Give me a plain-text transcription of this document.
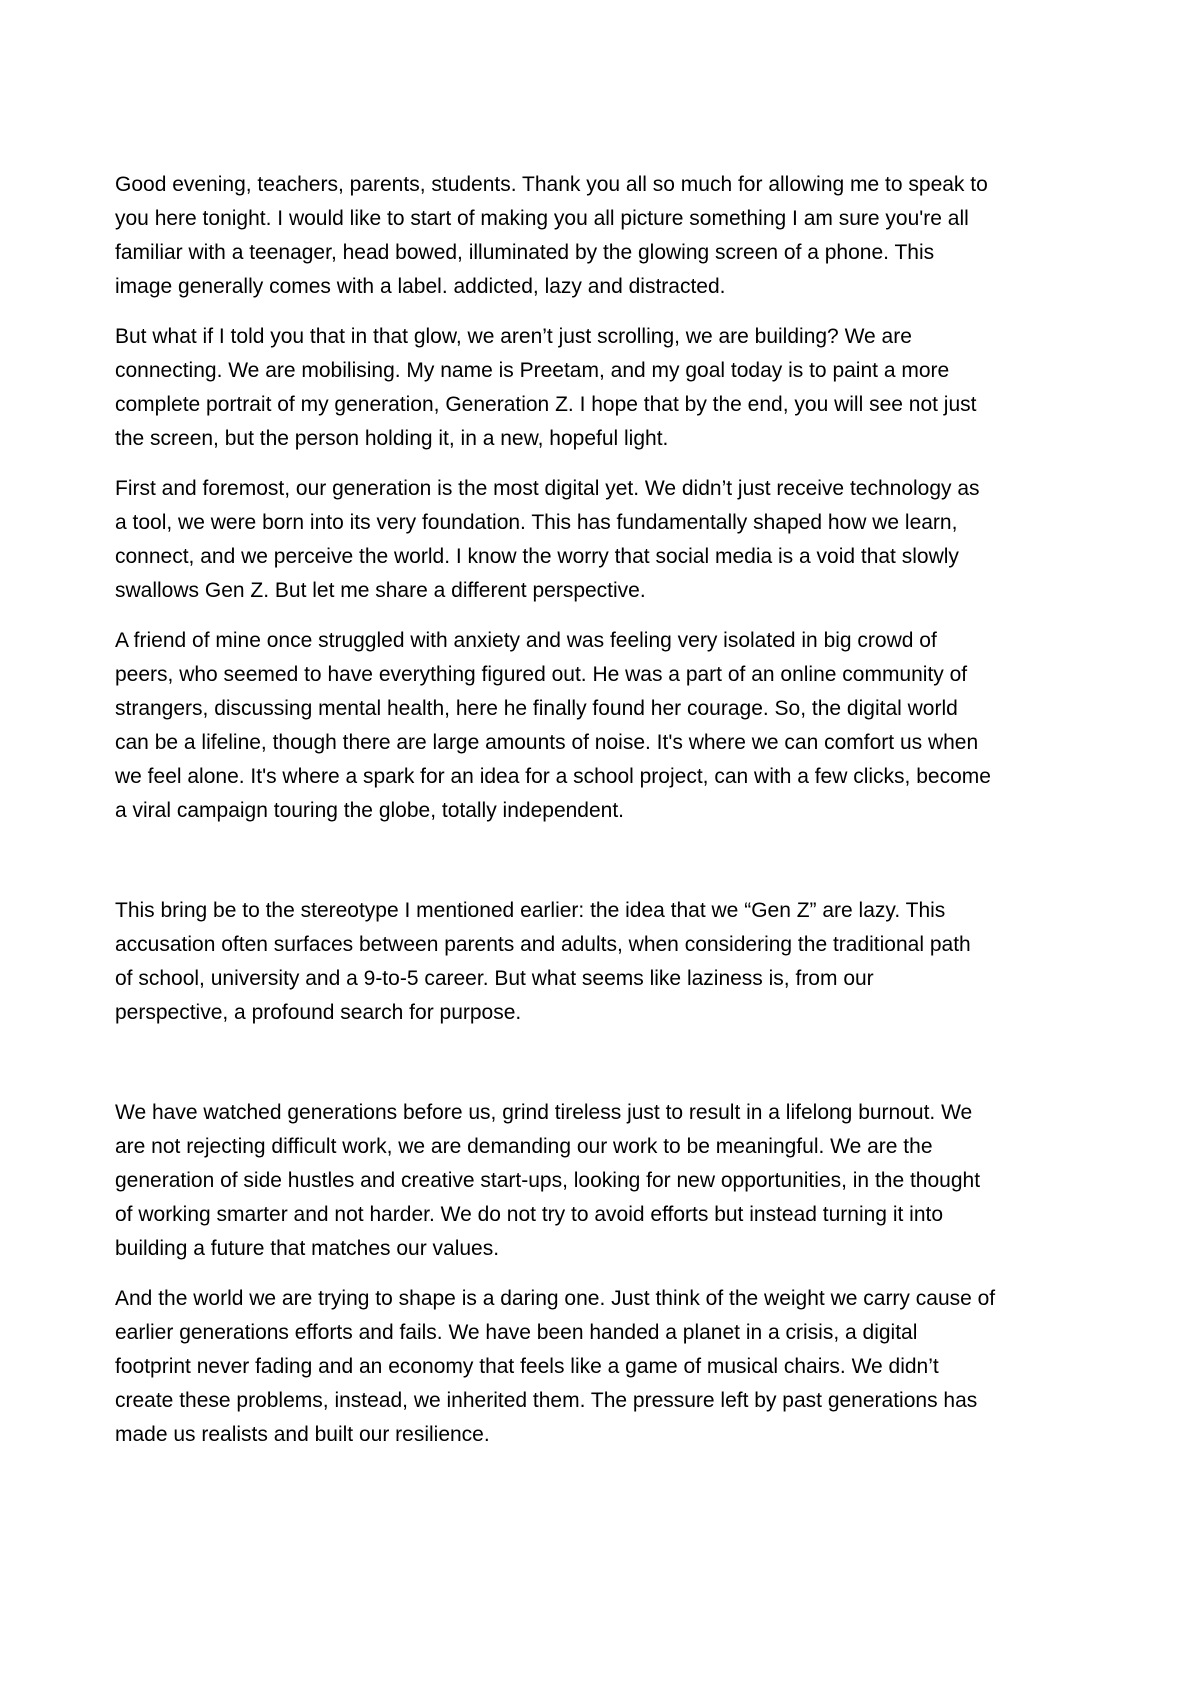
Good evening, teachers, parents, students. Thank you all so much for allowing me to speak to
you here tonight. I would like to start of making you all picture something I am sure you're all
familiar with a teenager, head bowed, illuminated by the glowing screen of a phone. This
image generally comes with a label. addicted, lazy and distracted.

But what if I told you that in that glow, we aren’t just scrolling, we are building? We are
connecting. We are mobilising. My name is Preetam, and my goal today is to paint a more
complete portrait of my generation, Generation Z. I hope that by the end, you will see not just
the screen, but the person holding it, in a new, hopeful light.

First and foremost, our generation is the most digital yet. We didn’t just receive technology as
a tool, we were born into its very foundation. This has fundamentally shaped how we learn,
connect, and we perceive the world. I know the worry that social media is a void that slowly
swallows Gen Z. But let me share a different perspective.

A friend of mine once struggled with anxiety and was feeling very isolated in big crowd of
peers, who seemed to have everything figured out. He was a part of an online community of
strangers, discussing mental health, here he finally found her courage. So, the digital world
can be a lifeline, though there are large amounts of noise. It's where we can comfort us when
we feel alone. It's where a spark for an idea for a school project, can with a few clicks, become
a viral campaign touring the globe, totally independent.

This bring be to the stereotype I mentioned earlier: the idea that we “Gen Z” are lazy. This
accusation often surfaces between parents and adults, when considering the traditional path
of school, university and a 9-to-5 career. But what seems like laziness is, from our
perspective, a profound search for purpose.

We have watched generations before us, grind tireless just to result in a lifelong burnout. We
are not rejecting difficult work, we are demanding our work to be meaningful. We are the
generation of side hustles and creative start-ups, looking for new opportunities, in the thought
of working smarter and not harder. We do not try to avoid efforts but instead turning it into
building a future that matches our values.

And the world we are trying to shape is a daring one. Just think of the weight we carry cause of
earlier generations efforts and fails. We have been handed a planet in a crisis, a digital
footprint never fading and an economy that feels like a game of musical chairs. We didn’t
create these problems, instead, we inherited them. The pressure left by past generations has
made us realists and built our resilience.
